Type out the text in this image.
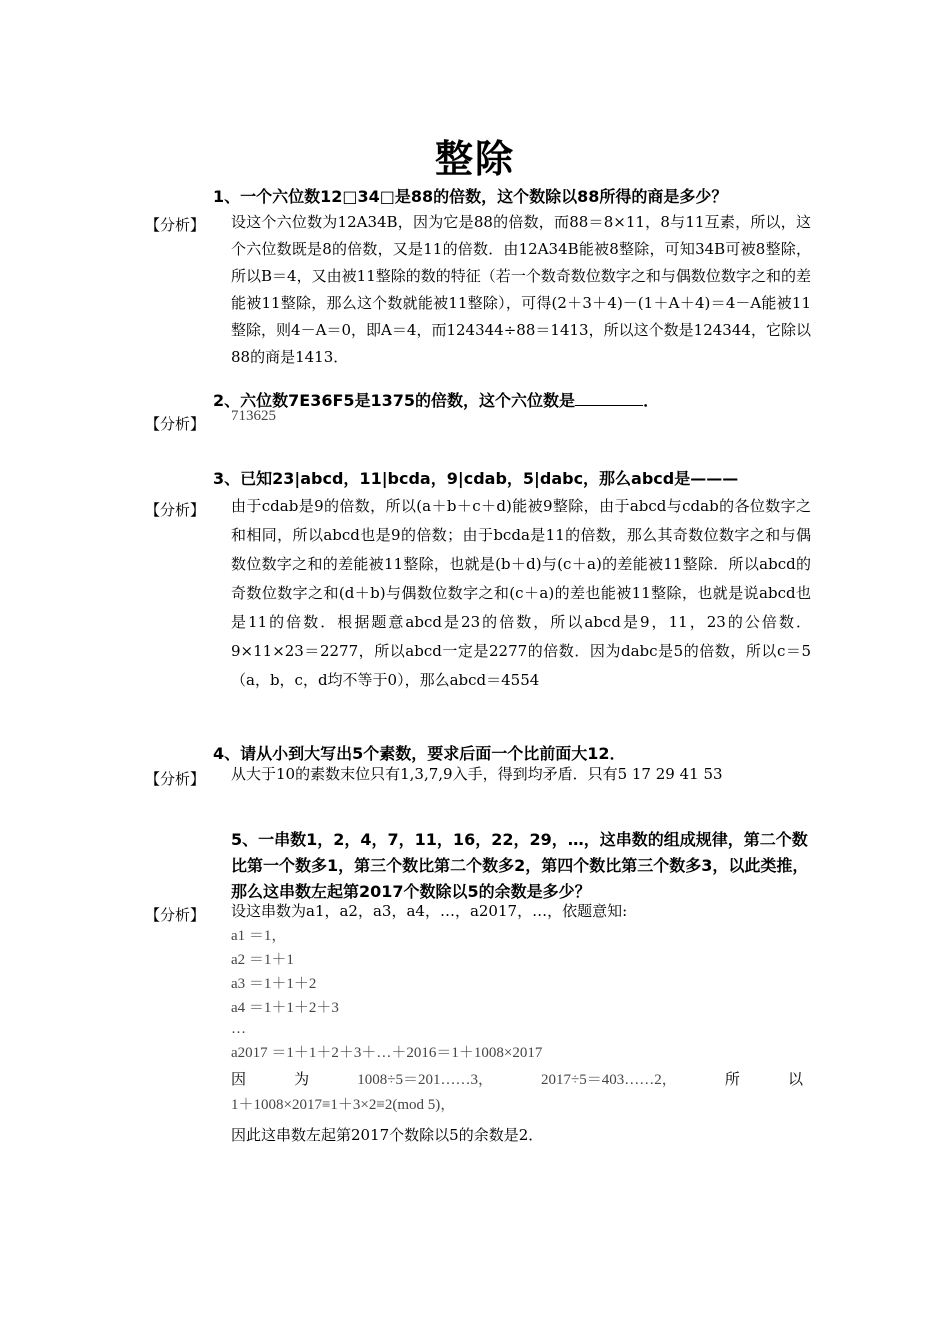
整除
1、一个六位数12□34□是88的倍数，这个数除以88所得的商是多少？
【分析】 设这个六位数为12A34B，因为它是88的倍数，而88＝8×11，8与11互素，所以，这个六位数既是8的倍数，又是11的倍数．由12A34B能被8整除，可知34B可被8整除，所以B＝4，又由被11整除的数的特征（若一个数奇数位数字之和与偶数位数字之和的差能被11整除，那么这个数就能被11整除），可得(2＋3＋4)－(1＋A＋4)＝4－A能被11整除，则4－A＝0，即A＝4，而124344÷88＝1413，所以这个数是124344，它除以88的商是1413．
2、六位数7E36F5是1375的倍数，这个六位数是	．
【分析】 713625
3、已知23|abcd，11|bcda，9|cdab，5|dabc，那么abcd是———
【分析】 由于cdab是9的倍数，所以(a＋b＋c＋d)能被9整除，由于abcd与cdab的各位数字之和相同，所以abcd也是9的倍数；由于bcda是11的倍数，那么其奇数位数字之和与偶数位数字之和的差能被11整除，也就是(b＋d)与(c＋a)的差能被11整除．所以abcd的奇数位数字之和(d＋b)与偶数位数字之和(c＋a)的差也能被11整除，也就是说abcd也是11的倍数．根据题意abcd是23的倍数，所以abcd是9，11，23的公倍数．9×11×23＝2277，所以abcd一定是2277的倍数．因为dabc是5的倍数，所以c＝5（a，b，c，d均不等于0），那么abcd＝4554
4、请从小到大写出5个素数，要求后面一个比前面大12．
【分析】 从大于10的素数末位只有1,3,7,9入手，得到均矛盾．只有5 17 29 41 53
5、一串数1，2，4，7，11，16，22，29，…，这串数的组成规律，第二个数比第一个数多1，第三个数比第二个数多2，第四个数比第三个数多3，以此类推，那么这串数左起第2017个数除以5的余数是多少？
【分析】 设这串数为a1，a2，a3，a4，…，a2017，…，依题意知:
a1 ＝1，
a2 ＝1＋1
a3 ＝1＋1＋2
a4 ＝1＋1＋2＋3
…
a2017 ＝1＋1＋2＋3＋…＋2016＝1＋1008×2017
因	为	1008÷5＝201……3，	2017÷5＝403……2，	所	以
1＋1008×2017≡1＋3×2≡2(mod 5)，
因此这串数左起第2017个数除以5的余数是2．
